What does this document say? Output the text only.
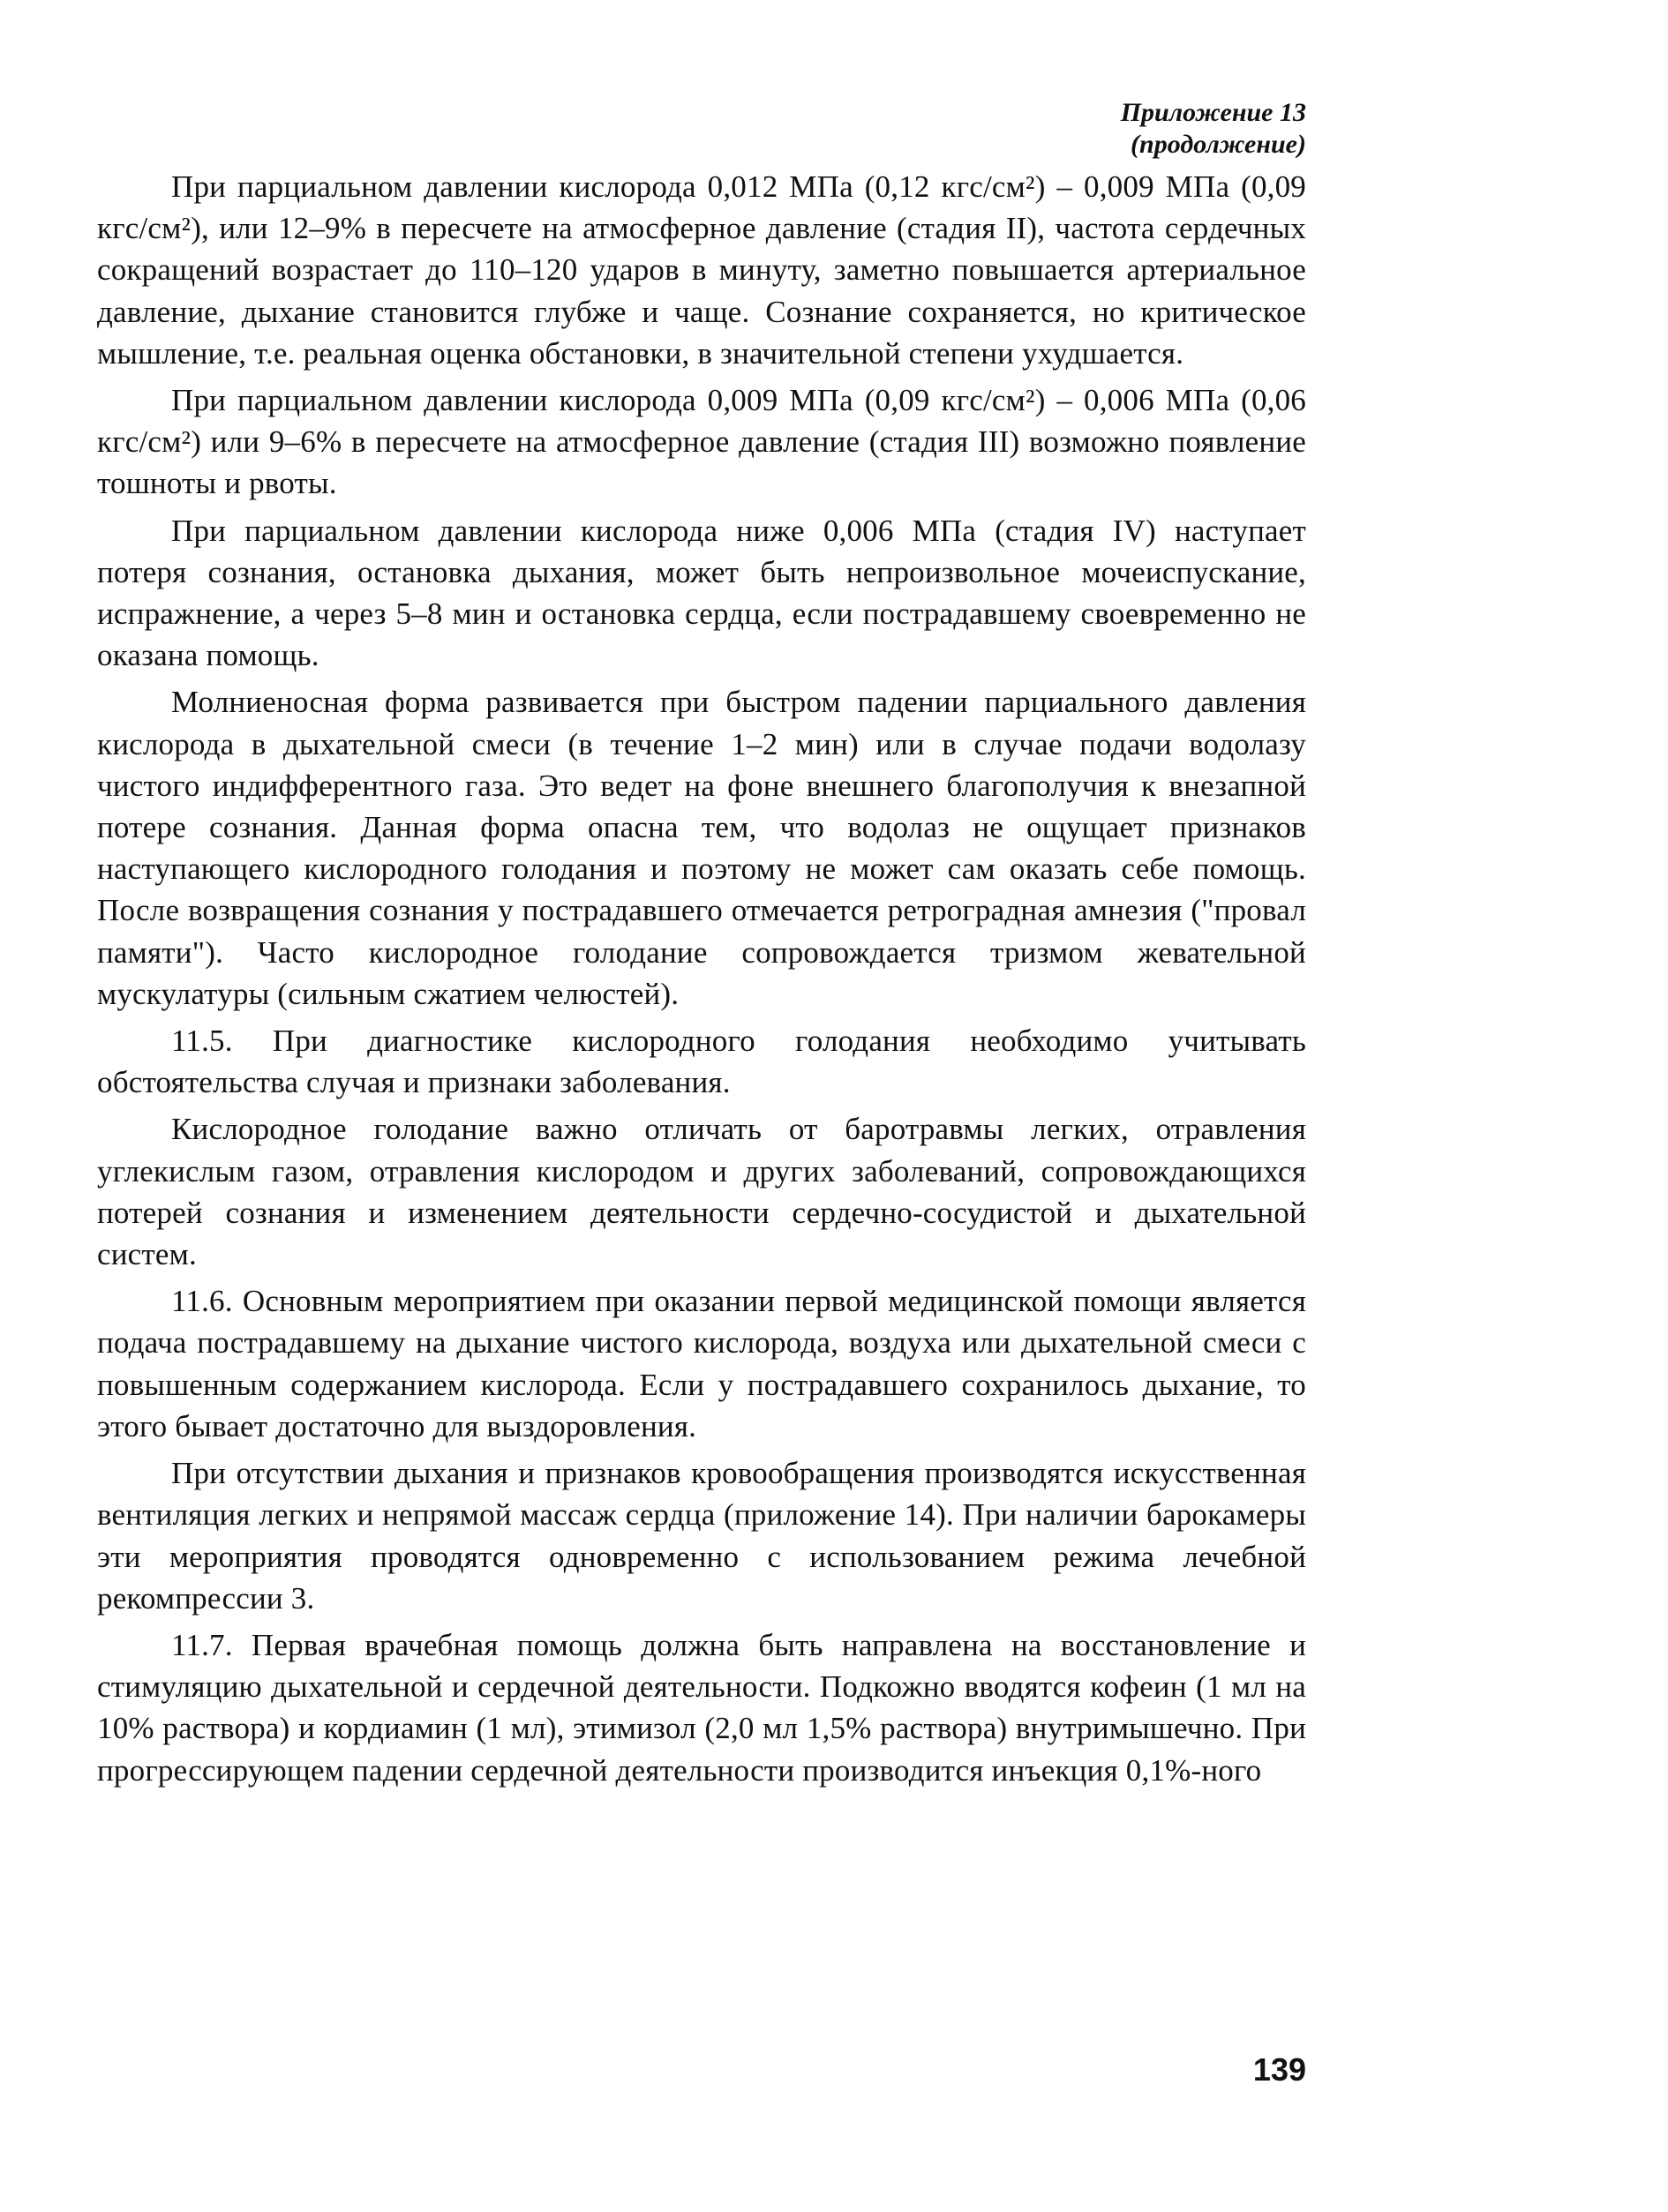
Приложение 13
(продолжение)

При парциальном давлении кислорода 0,012 МПа (0,12 кгс/см²) – 0,009 МПа (0,09 кгс/см²), или 12–9% в пересчете на атмосферное давление (стадия II), частота сердечных сокращений возрастает до 110–120 ударов в минуту, заметно повышается артериальное давление, дыхание становится глубже и чаще. Сознание сохраняется, но критическое мышление, т.е. реальная оценка обстановки, в значительной степени ухудшается.

При парциальном давлении кислорода 0,009 МПа (0,09 кгс/см²) – 0,006 МПа (0,06 кгс/см²) или 9–6% в пересчете на атмосферное давление (стадия III) возможно появление тошноты и рвоты.

При парциальном давлении кислорода ниже 0,006 МПа (стадия IV) наступает потеря сознания, остановка дыхания, может быть непроизвольное мочеиспускание, испражнение, а через 5–8 мин и остановка сердца, если пострадавшему своевременно не оказана помощь.

Молниеносная форма развивается при быстром падении парциального давления кислорода в дыхательной смеси (в течение 1–2 мин) или в случае подачи водолазу чистого индифферентного газа. Это ведет на фоне внешнего благополучия к внезапной потере сознания. Данная форма опасна тем, что водолаз не ощущает признаков наступающего кислородного голодания и поэтому не может сам оказать себе помощь. После возвращения сознания у пострадавшего отмечается ретроградная амнезия ("провал памяти"). Часто кислородное голодание сопровождается тризмом жевательной мускулатуры (сильным сжатием челюстей).

11.5. При диагностике кислородного голодания необходимо учитывать обстоятельства случая и признаки заболевания.

Кислородное голодание важно отличать от баротравмы легких, отравления углекислым газом, отравления кислородом и других заболеваний, сопровождающихся потерей сознания и изменением деятельности сердечно-сосудистой и дыхательной систем.

11.6. Основным мероприятием при оказании первой медицинской помощи является подача пострадавшему на дыхание чистого кислорода, воздуха или дыхательной смеси с повышенным содержанием кислорода. Если у пострадавшего сохранилось дыхание, то этого бывает достаточно для выздоровления.

При отсутствии дыхания и признаков кровообращения производятся искусственная вентиляция легких и непрямой массаж сердца (приложение 14). При наличии барокамеры эти мероприятия проводятся одновременно с использованием режима лечебной рекомпрессии 3.

11.7. Первая врачебная помощь должна быть направлена на восстановление и стимуляцию дыхательной и сердечной деятельности. Подкожно вводятся кофеин (1 мл на 10% раствора) и кордиамин (1 мл), этимизол (2,0 мл 1,5% раствора) внутримышечно. При прогрессирующем падении сердечной деятельности производится инъекция 0,1%-ного

139
